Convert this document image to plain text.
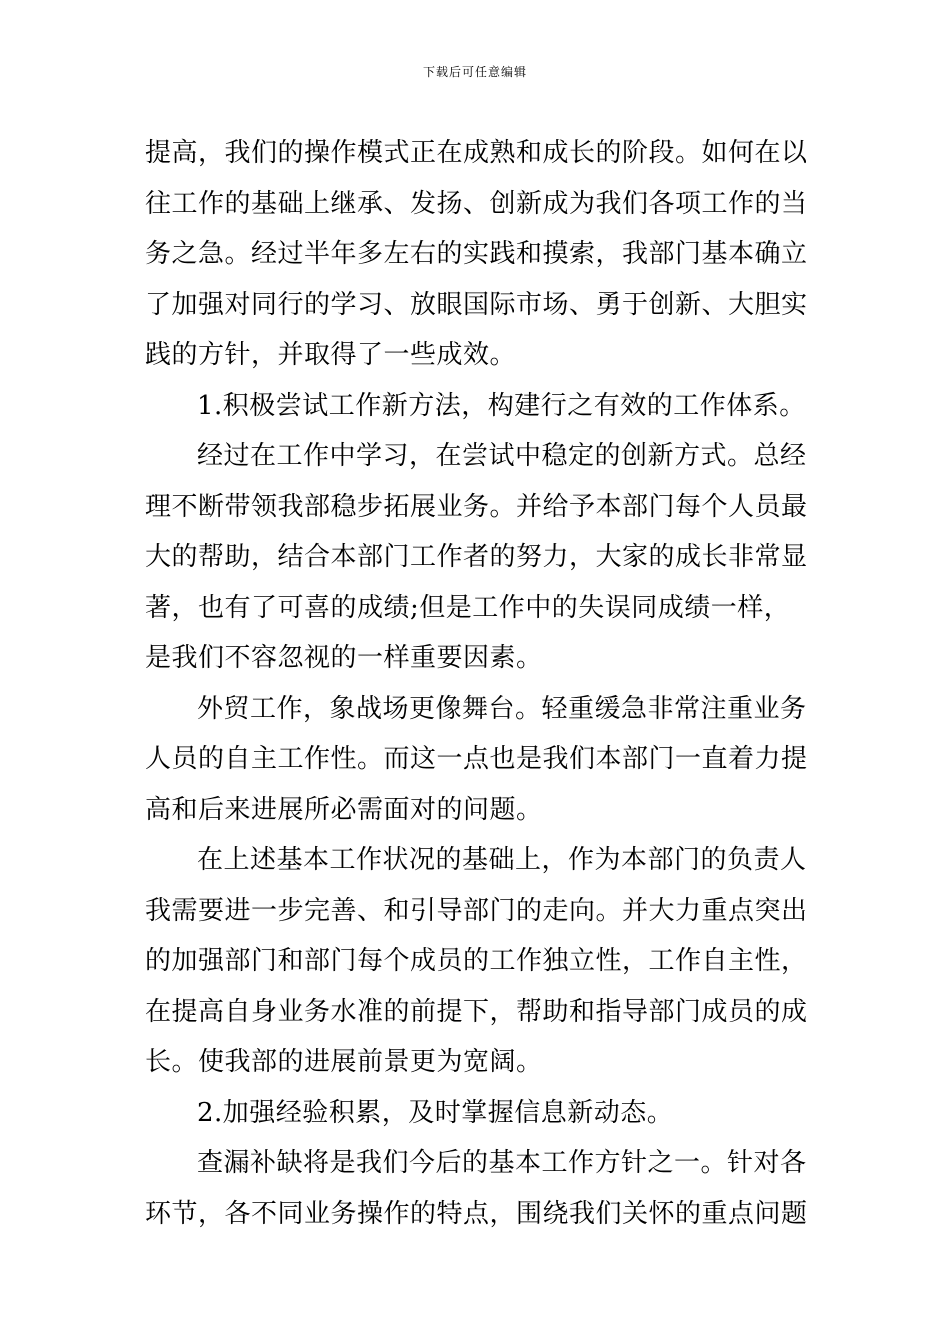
下载后可任意编辑

提高，我们的操作模式正在成熟和成长的阶段。如何在以往工作的基础上继承、发扬、创新成为我们各项工作的当务之急。经过半年多左右的实践和摸索，我部门基本确立了加强对同行的学习、放眼国际市场、勇于创新、大胆实践的方针，并取得了一些成效。

1.积极尝试工作新方法，构建行之有效的工作体系。

经过在工作中学习，在尝试中稳定的创新方式。总经理不断带领我部稳步拓展业务。并给予本部门每个人员最大的帮助，结合本部门工作者的努力，大家的成长非常显著，也有了可喜的成绩;但是工作中的失误同成绩一样，是我们不容忽视的一样重要因素。

外贸工作，象战场更像舞台。轻重缓急非常注重业务人员的自主工作性。而这一点也是我们本部门一直着力提高和后来进展所必需面对的问题。

在上述基本工作状况的基础上，作为本部门的负责人我需要进一步完善、和引导部门的走向。并大力重点突出的加强部门和部门每个成员的工作独立性，工作自主性，在提高自身业务水准的前提下，帮助和指导部门成员的成长。使我部的进展前景更为宽阔。

2.加强经验积累，及时掌握信息新动态。

查漏补缺将是我们今后的基本工作方针之一。针对各环节，各不同业务操作的特点，围绕我们关怀的重点问题
